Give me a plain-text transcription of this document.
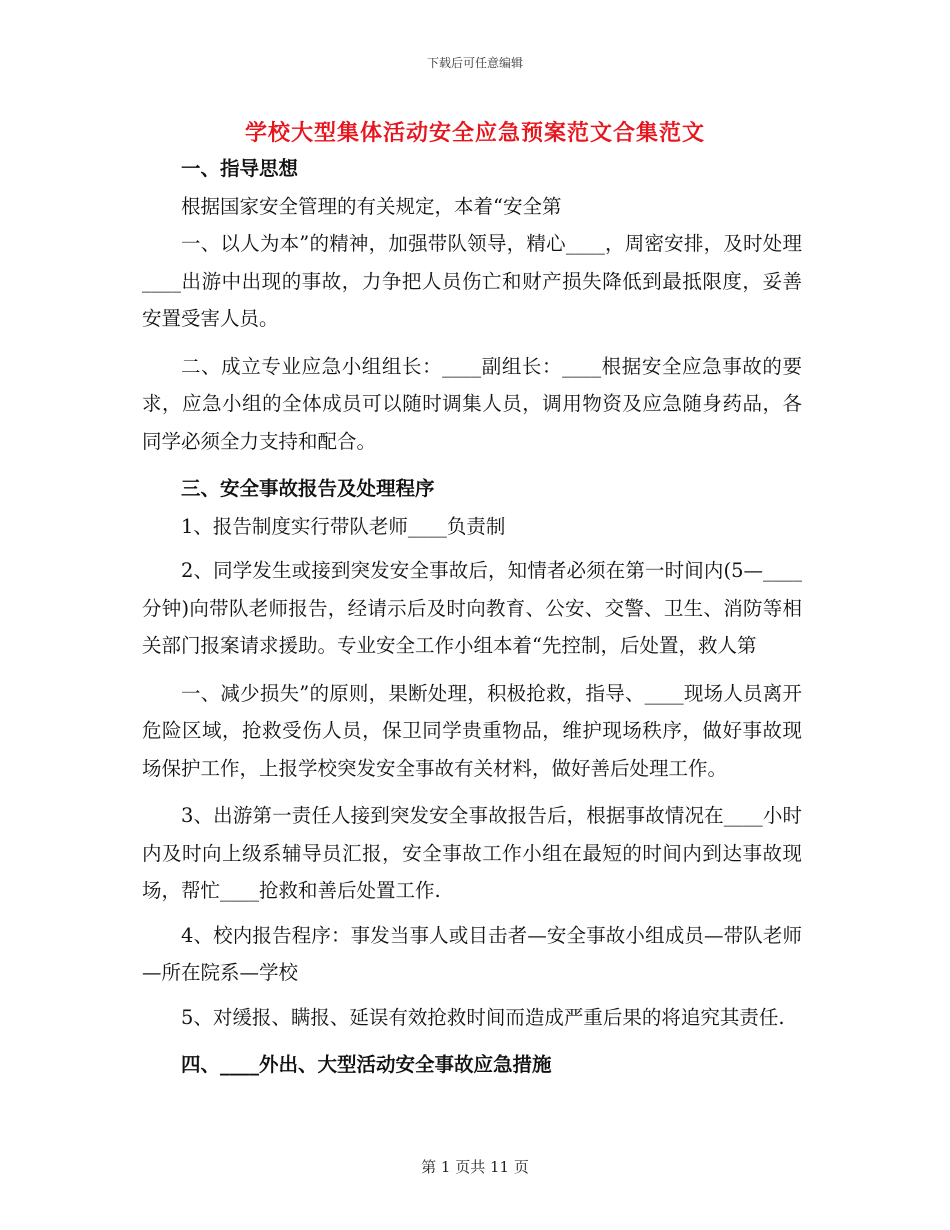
下载后可任意编辑
学校大型集体活动安全应急预案范文合集范文

一、指导思想

根据国家安全管理的有关规定，本着“安全第

一、以人为本”的精神，加强带队领导，精心____，周密安排，及时处理____出游中出现的事故，力争把人员伤亡和财产损失降低到最抵限度，妥善安置受害人员。

二、成立专业应急小组组长：____副组长：____根据安全应急事故的要求，应急小组的全体成员可以随时调集人员，调用物资及应急随身药品，各同学必须全力支持和配合。

三、安全事故报告及处理程序

1、报告制度实行带队老师____负责制

2、同学发生或接到突发安全事故后，知情者必须在第一时间内(5—____分钟)向带队老师报告，经请示后及时向教育、公安、交警、卫生、消防等相关部门报案请求援助。专业安全工作小组本着“先控制，后处置，救人第

一、减少损失”的原则，果断处理，积极抢救，指导、____现场人员离开危险区域，抢救受伤人员，保卫同学贵重物品，维护现场秩序，做好事故现场保护工作，上报学校突发安全事故有关材料，做好善后处理工作。

3、出游第一责任人接到突发安全事故报告后，根据事故情况在____小时内及时向上级系辅导员汇报，安全事故工作小组在最短的时间内到达事故现场，帮忙____抢救和善后处置工作.

4、校内报告程序：事发当事人或目击者—安全事故小组成员—带队老师—所在院系—学校

5、对缓报、瞒报、延误有效抢救时间而造成严重后果的将追究其责任.

四、____外出、大型活动安全事故应急措施

第 1 页共 11 页
